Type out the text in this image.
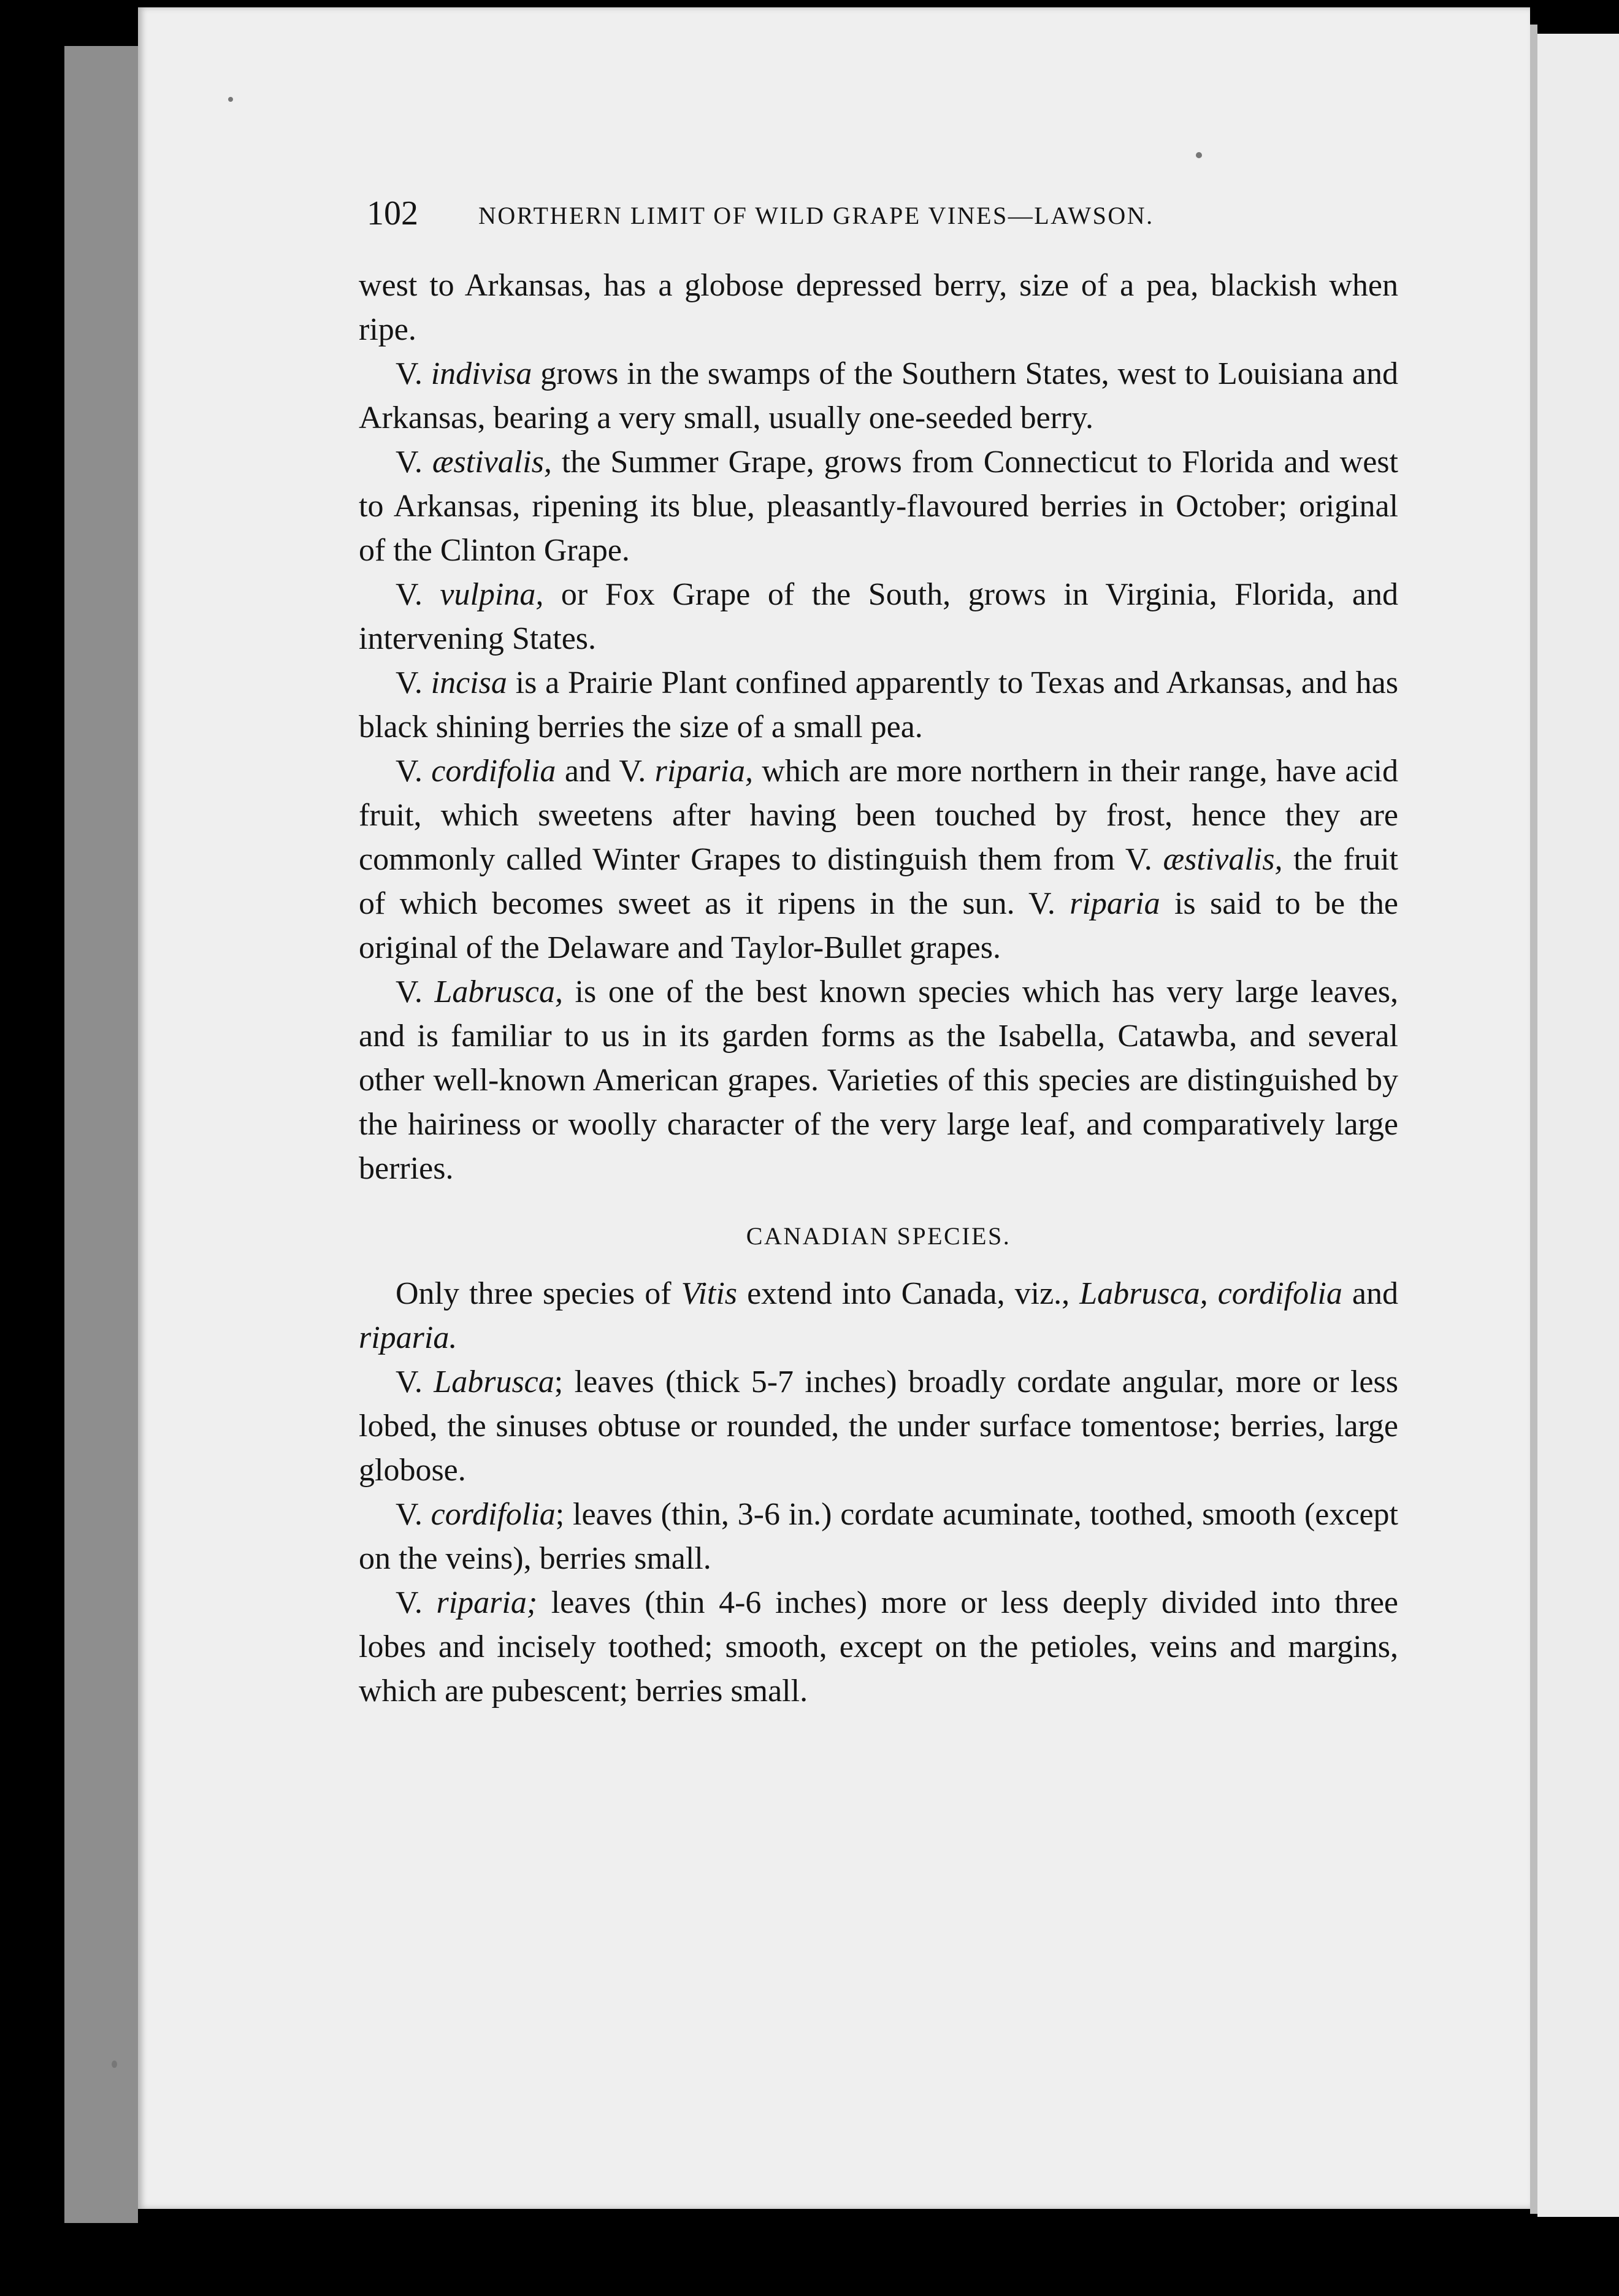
102 NORTHERN LIMIT OF WILD GRAPE VINES—LAWSON.

west to Arkansas, has a globose depressed berry, size of a pea, blackish when ripe.

V. indivisa grows in the swamps of the Southern States, west to Louisiana and Arkansas, bearing a very small, usually one-seeded berry.

V. æstivalis, the Summer Grape, grows from Connecticut to Florida and west to Arkansas, ripening its blue, pleasantly-flavoured berries in October; original of the Clinton Grape.

V. vulpina, or Fox Grape of the South, grows in Virginia, Florida, and intervening States.

V. incisa is a Prairie Plant confined apparently to Texas and Arkansas, and has black shining berries the size of a small pea.

V. cordifolia and V. riparia, which are more northern in their range, have acid fruit, which sweetens after having been touched by frost, hence they are commonly called Winter Grapes to distinguish them from V. æstivalis, the fruit of which becomes sweet as it ripens in the sun. V. riparia is said to be the original of the Delaware and Taylor-Bullet grapes.

V. Labrusca, is one of the best known species which has very large leaves, and is familiar to us in its garden forms as the Isabella, Catawba, and several other well-known American grapes. Varieties of this species are distinguished by the hairiness or woolly character of the very large leaf, and comparatively large berries.

CANADIAN SPECIES.

Only three species of Vitis extend into Canada, viz., Labrusca, cordifolia and riparia.

V. Labrusca; leaves (thick 5-7 inches) broadly cordate angular, more or less lobed, the sinuses obtuse or rounded, the under surface tomentose; berries, large globose.

V. cordifolia; leaves (thin, 3-6 in.) cordate acuminate, toothed, smooth (except on the veins), berries small.

V. riparia; leaves (thin 4-6 inches) more or less deeply divided into three lobes and incisely toothed; smooth, except on the petioles, veins and margins, which are pubescent; berries small.
